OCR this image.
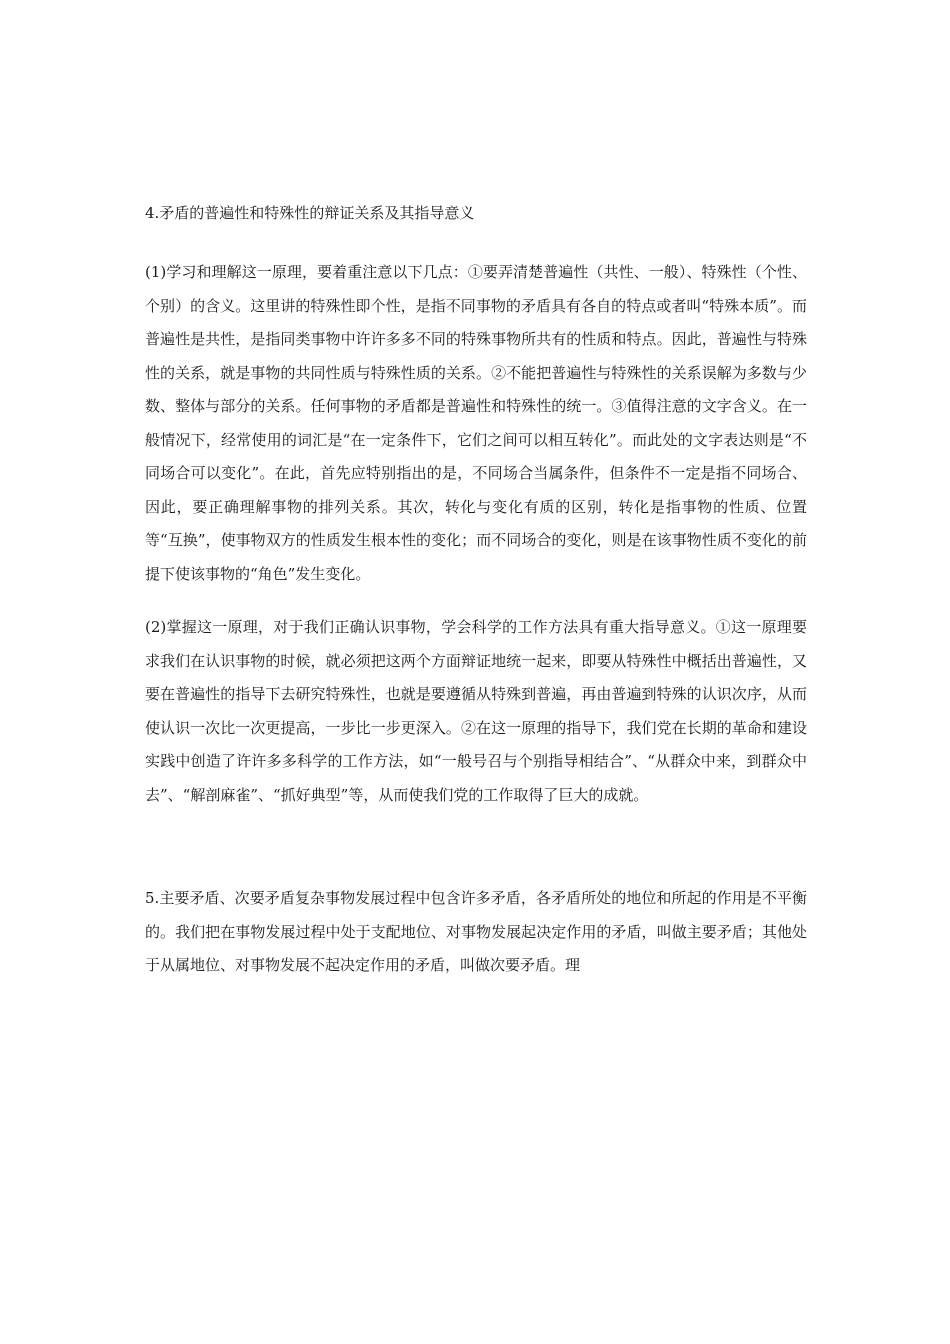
4.矛盾的普遍性和特殊性的辩证关系及其指导意义

(1)学习和理解这一原理，要着重注意以下几点：①要弄清楚普遍性（共性、一般）、特殊性（个性、个别）的含义。这里讲的特殊性即个性，是指不同事物的矛盾具有各自的特点或者叫“特殊本质”。而普遍性是共性，是指同类事物中许许多多不同的特殊事物所共有的性质和特点。因此，普遍性与特殊性的关系，就是事物的共同性质与特殊性质的关系。②不能把普遍性与特殊性的关系误解为多数与少数、整体与部分的关系。任何事物的矛盾都是普遍性和特殊性的统一。③值得注意的文字含义。在一般情况下，经常使用的词汇是“在一定条件下，它们之间可以相互转化”。而此处的文字表达则是“不同场合可以变化”。在此，首先应特别指出的是，不同场合当属条件，但条件不一定是指不同场合、因此，要正确理解事物的排列关系。其次，转化与变化有质的区别，转化是指事物的性质、位置等“互换”，使事物双方的性质发生根本性的变化；而不同场合的变化，则是在该事物性质不变化的前提下使该事物的“角色”发生变化。

(2)掌握这一原理，对于我们正确认识事物，学会科学的工作方法具有重大指导意义。①这一原理要求我们在认识事物的时候，就必须把这两个方面辩证地统一起来，即要从特殊性中概括出普遍性，又要在普遍性的指导下去研究特殊性，也就是要遵循从特殊到普遍，再由普遍到特殊的认识次序，从而使认识一次比一次更提高，一步比一步更深入。②在这一原理的指导下，我们党在长期的革命和建设实践中创造了许许多多科学的工作方法，如“一般号召与个别指导相结合”、“从群众中来，到群众中去”、“解剖麻雀”、“抓好典型”等，从而使我们党的工作取得了巨大的成就。

5.主要矛盾、次要矛盾复杂事物发展过程中包含许多矛盾，各矛盾所处的地位和所起的作用是不平衡的。我们把在事物发展过程中处于支配地位、对事物发展起决定作用的矛盾，叫做主要矛盾；其他处于从属地位、对事物发展不起决定作用的矛盾，叫做次要矛盾。理
